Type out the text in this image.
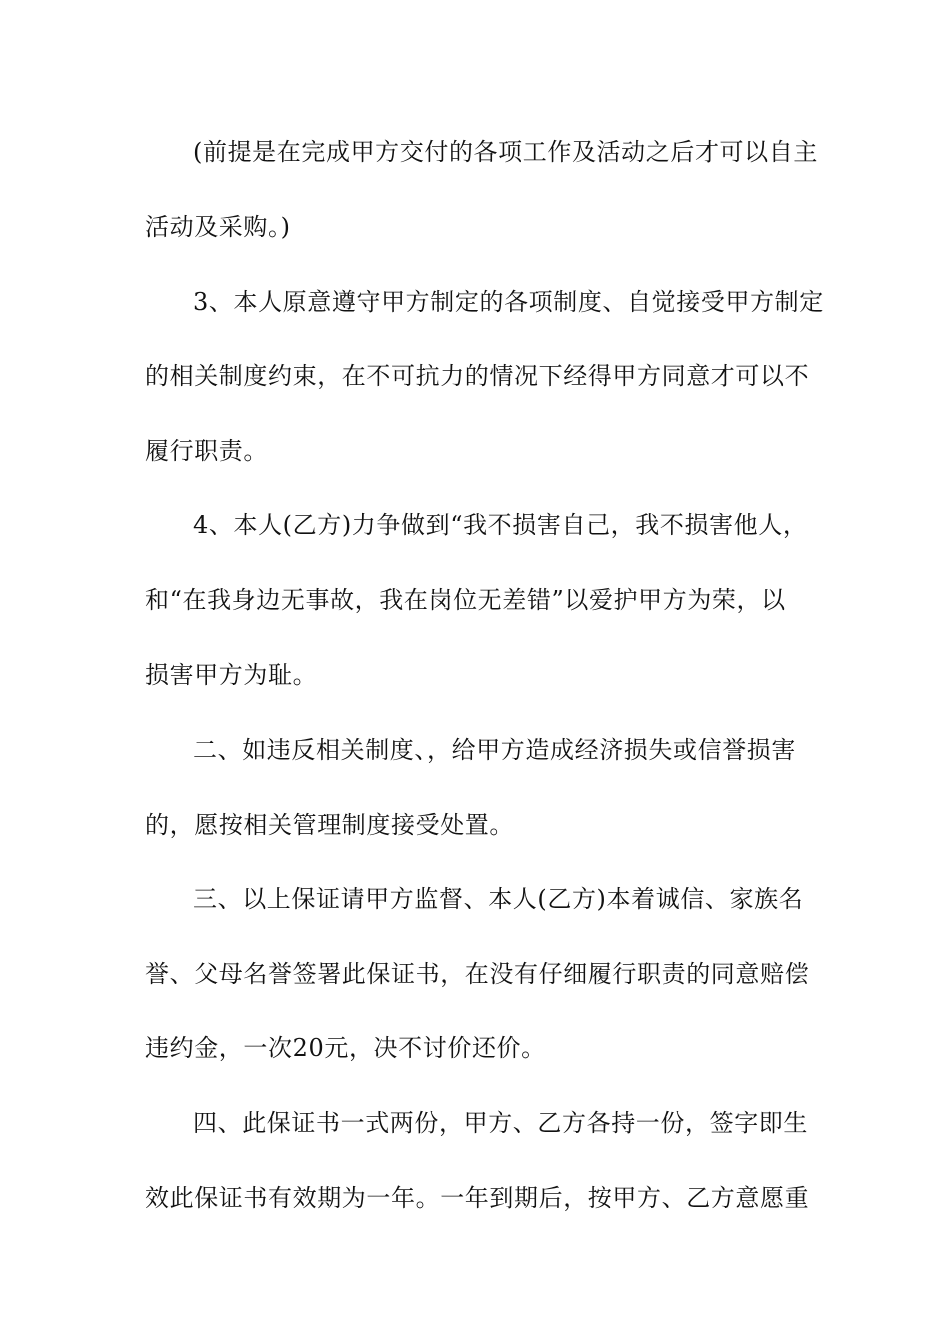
(前提是在完成甲方交付的各项工作及活动之后才可以自主
活动及采购。)
3、本人原意遵守甲方制定的各项制度、自觉接受甲方制定
的相关制度约束，在不可抗力的情况下经得甲方同意才可以不
履行职责。
4、本人(乙方)力争做到“我不损害自己，我不损害他人，
和“在我身边无事故，我在岗位无差错”以爱护甲方为荣，以
损害甲方为耻。
二、如违反相关制度、，给甲方造成经济损失或信誉损害
的，愿按相关管理制度接受处置。
三、以上保证请甲方监督、本人(乙方)本着诚信、家族名
誉、父母名誉签署此保证书，在没有仔细履行职责的同意赔偿
违约金，一次20元，决不讨价还价。
四、此保证书一式两份，甲方、乙方各持一份，签字即生
效此保证书有效期为一年。一年到期后，按甲方、乙方意愿重
